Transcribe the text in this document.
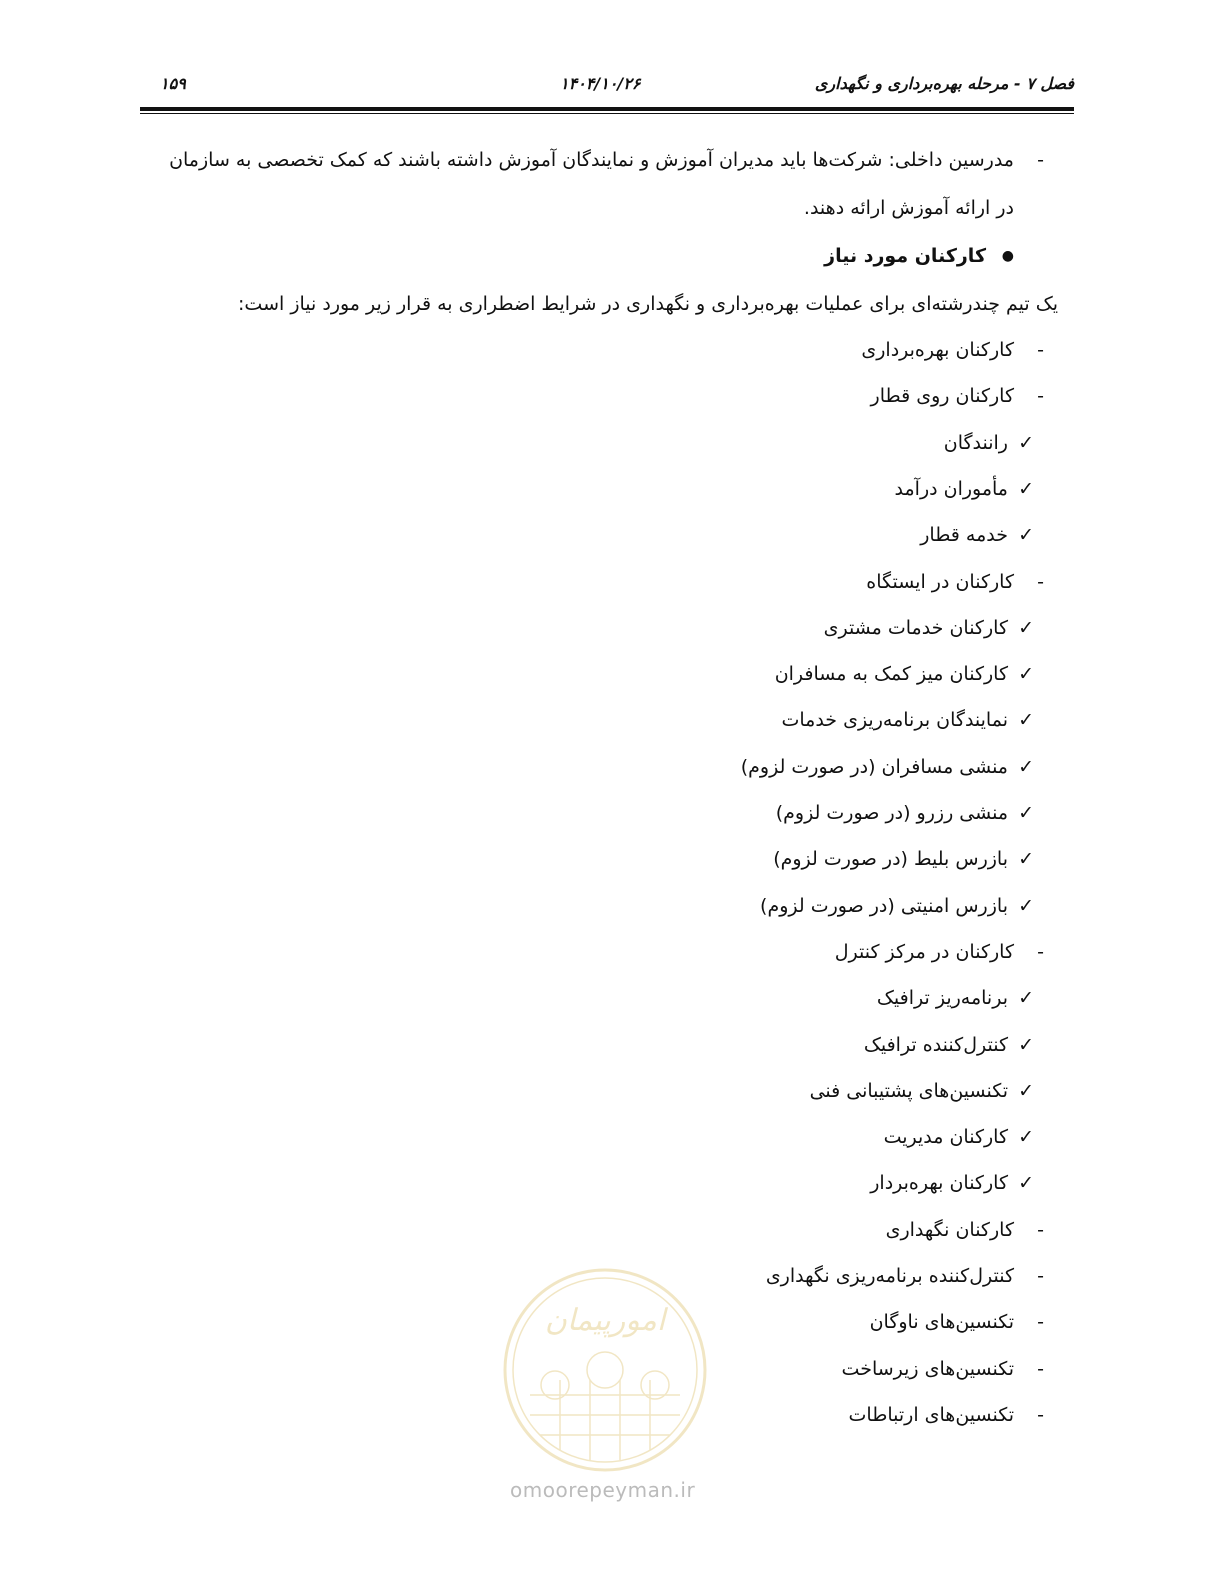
فصل ۷ - مرحله بهره‌برداری و نگهداری
۱۴۰۴/۱۰/۲۶
۱۵۹
-
مدرسین داخلی: شرکت‌ها باید مدیران آموزش و نمایندگان آموزش داشته باشند که کمک تخصصی به سازمان
در ارائه آموزش ارائه دهند.
●
کارکنان مورد نیاز
یک تیم چندرشته‌ای برای عملیات بهره‌برداری و نگهداری در شرایط اضطراری به قرار زیر مورد نیاز است:
-
کارکنان بهره‌برداری
-
کارکنان روی قطار
✓
رانندگان
✓
مأموران درآمد
✓
خدمه قطار
-
کارکنان در ایستگاه
✓
کارکنان خدمات مشتری
✓
کارکنان میز کمک به مسافران
✓
نمایندگان برنامه‌ریزی خدمات
✓
منشی مسافران (در صورت لزوم)
✓
منشی رزرو (در صورت لزوم)
✓
بازرس بلیط (در صورت لزوم)
✓
بازرس امنیتی (در صورت لزوم)
-
کارکنان در مرکز کنترل
✓
برنامه‌ریز ترافیک
✓
کنترل‌کننده ترافیک
✓
تکنسین‌های پشتیبانی فنی
✓
کارکنان مدیریت
✓
کارکنان بهره‌بردار
-
کارکنان نگهداری
-
کنترل‌کننده برنامه‌ریزی نگهداری
-
تکنسین‌های ناوگان
-
تکنسین‌های زیرساخت
-
تکنسین‌های ارتباطات
امورپیمان
omoorepeyman.ir
